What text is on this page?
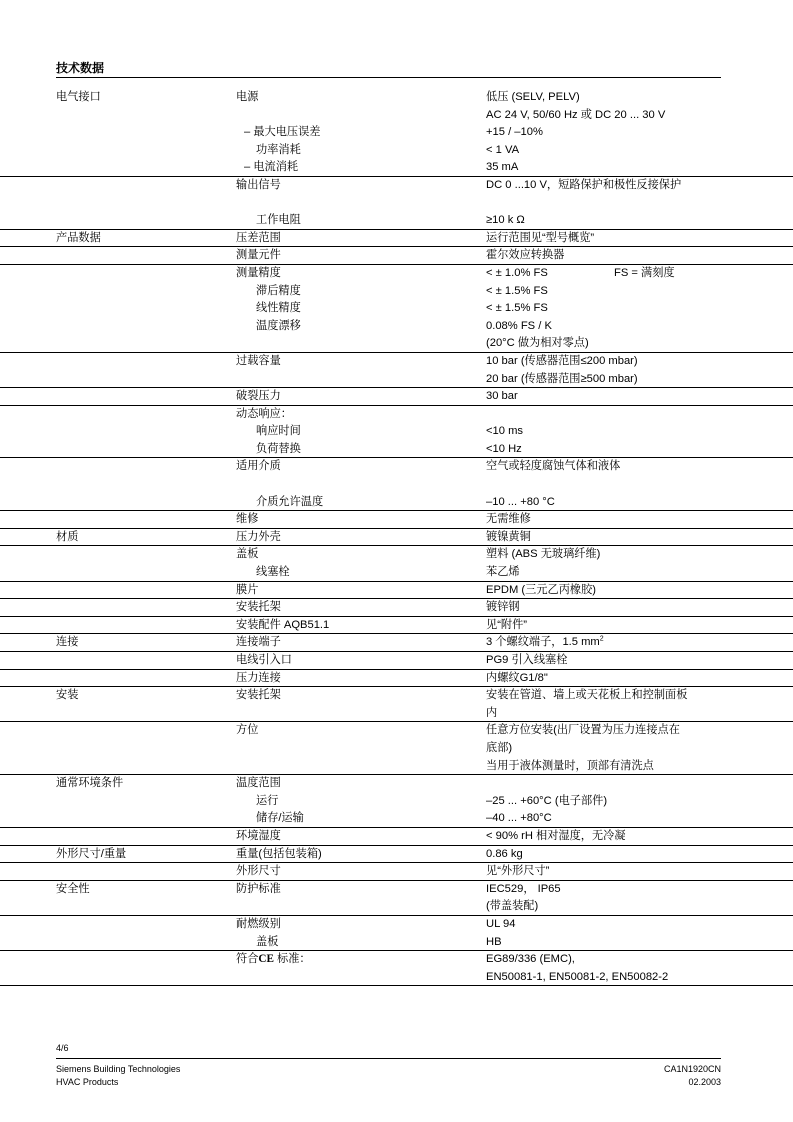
技术数据
电气接口	电源	低压 (SELV, PELV)
AC 24 V, 50/60 Hz 或 DC 20 ... 30 V
– 最大电压误差	+15 / –10%
功率消耗	< 1 VA
– 电流消耗	35 mA
输出信号	DC 0 ...10 V，短路保护和极性反接保护
工作电阻	≥10 k Ω
产品数据	压差范围	运行范围见“型号概览”
测量元件	霍尔效应转换器
测量精度	< ± 1.0% FS	FS = 满刻度
滞后精度	< ± 1.5% FS
线性精度	< ± 1.5% FS
温度漂移	0.08% FS / K
(20°C 做为相对零点)
过载容量	10 bar (传感器范围≤200 mbar)
20 bar (传感器范围≥500 mbar)
破裂压力	30 bar
动态响应：
响应时间	<10 ms
负荷替换	<10 Hz
适用介质	空气或轻度腐蚀气体和液体
介质允许温度	–10 ... +80 °C
维修	无需维修
材质	压力外壳	镀镍黄铜
盖板	塑料 (ABS 无玻璃纤维)
线塞栓	苯乙烯
膜片	EPDM (三元乙丙橡胶)
安装托架	镀锌钢
安装配件 AQB51.1	见“附件”
连接	连接端子	3 个螺纹端子，1.5 $mm^2$
电线引入口	PG9 引入线塞栓
压力连接	内螺纹G1/8"
安装	安装托架	安装在管道、墙上或天花板上和控制面板
内
方位	任意方位安装(出厂设置为压力连接点在
底部)
当用于液体测量时，顶部有清洗点
通常环境条件	温度范围
运行	–25 ... +60°C (电子部件)
储存/运输	–40 ... +80°C
环境湿度	< 90% rH 相对湿度，无冷凝
外形尺寸/重量	重量(包括包装箱)	0.86 kg
外形尺寸	见“外形尺寸”
安全性	防护标准	IEC529， IP65
(带盖装配)
耐燃级别	UL 94
盖板	HB
符合CE 标准：	EG89/336 (EMC),
EN50081-1, EN50081-2, EN50082-2
4/6
Siemens Building Technologies
HVAC Products
CA1N1920CN
02.2003
